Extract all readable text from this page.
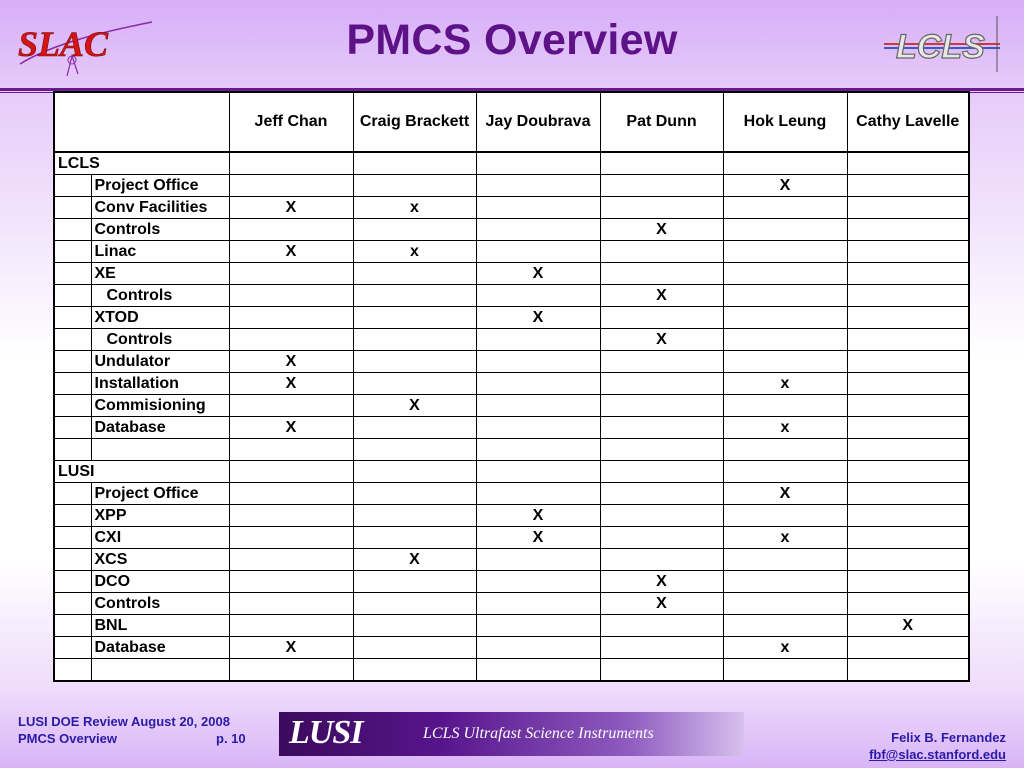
SLAC	PMCS Overview	LCLS
		Jeff Chan	Craig Brackett	Jay Doubrava	Pat Dunn	Hok Leung	Cathy Lavelle
LCLS							
	Project Office					X	
	Conv Facilities	X	x				
	Controls				X		
	Linac	X	x				
	XE			X			
	Controls				X		
	XTOD			X			
	Controls				X		
	Undulator	X					
	Installation	X				x	
	Commisioning		X				
	Database	X				x	

LUSI							
	Project Office					X	
	XPP			X			
	CXI			X		x	
	XCS		X				
	DCO				X		
	Controls				X		
	BNL						X
	Database	X				x	

LUSI DOE Review August 20, 2008
PMCS Overview	p. 10 LUSI	LCLS Ultrafast Science Instruments	Felix B. Fernandez
fbf@slac.stanford.edu
